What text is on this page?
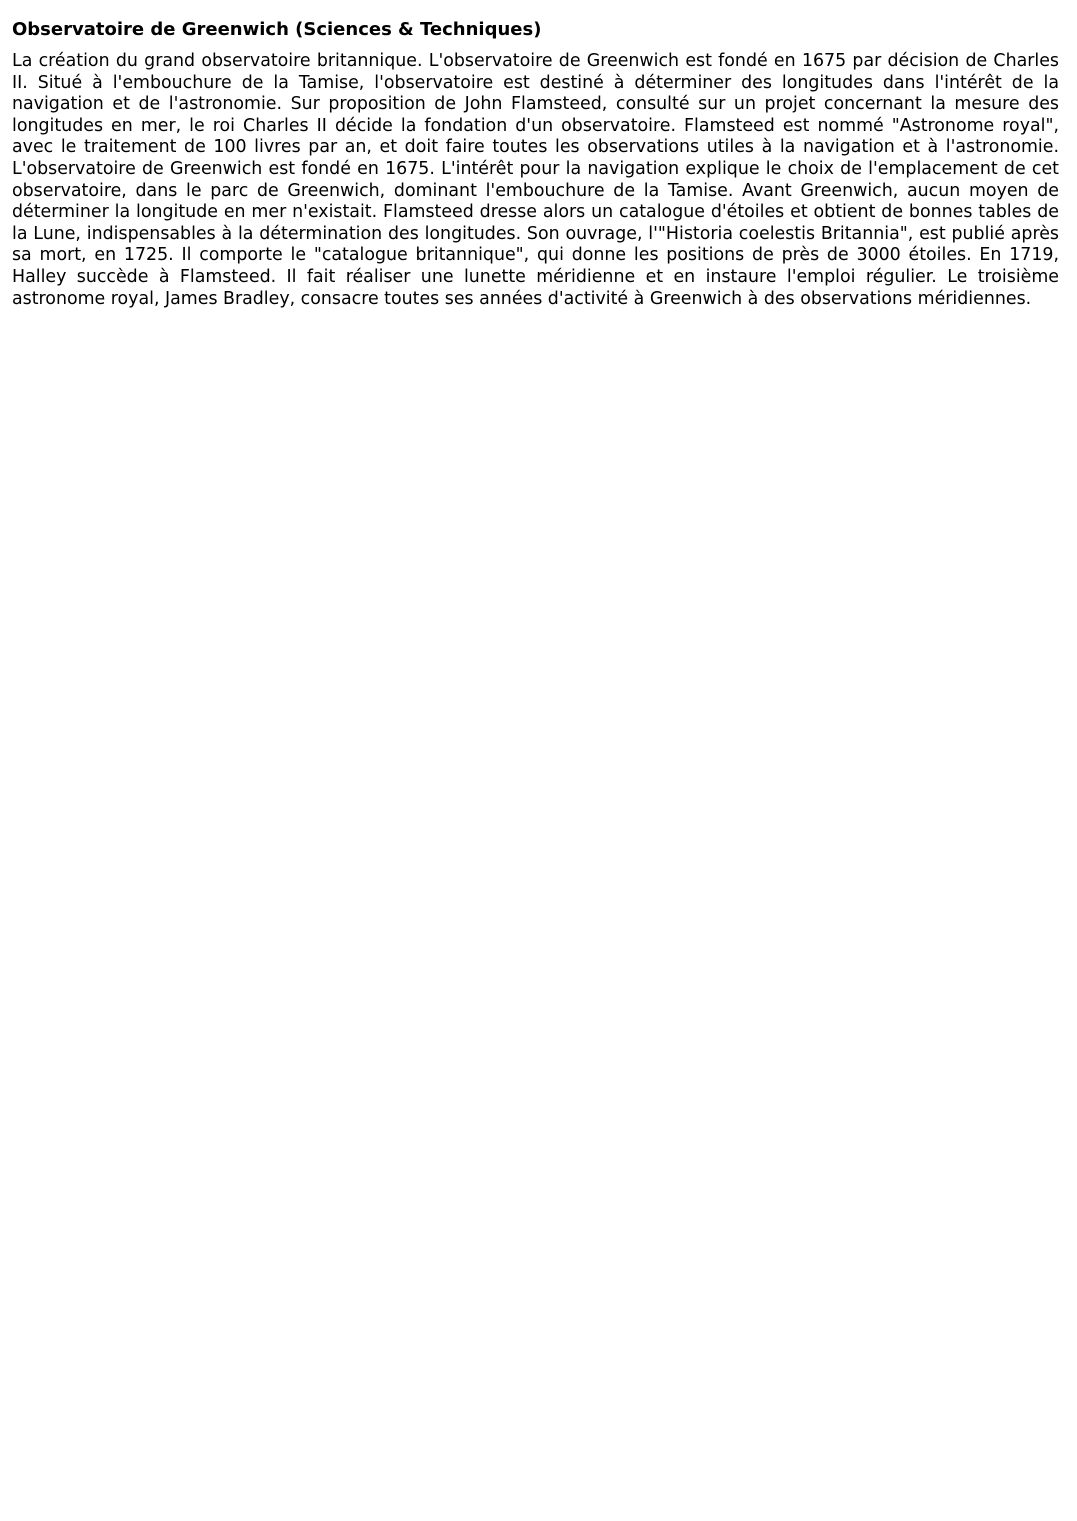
Observatoire de Greenwich (Sciences & Techniques)

La création du grand observatoire britannique. L'observatoire de Greenwich est fondé en 1675 par décision de Charles II. Situé à l'embouchure de la Tamise, l'observatoire est destiné à déterminer des longitudes dans l'intérêt de la navigation et de l'astronomie. Sur proposition de John Flamsteed, consulté sur un projet concernant la mesure des longitudes en mer, le roi Charles II décide la fondation d'un observatoire. Flamsteed est nommé "Astronome royal", avec le traitement de 100 livres par an, et doit faire toutes les observations utiles à la navigation et à l'astronomie. L'observatoire de Greenwich est fondé en 1675. L'intérêt pour la navigation explique le choix de l'emplacement de cet observatoire, dans le parc de Greenwich, dominant l'embouchure de la Tamise. Avant Greenwich, aucun moyen de déterminer la longitude en mer n'existait. Flamsteed dresse alors un catalogue d'étoiles et obtient de bonnes tables de la Lune, indispensables à la détermination des longitudes. Son ouvrage, l'"Historia coelestis Britannia", est publié après sa mort, en 1725. Il comporte le "catalogue britannique", qui donne les positions de près de 3000 étoiles. En 1719, Halley succède à Flamsteed. Il fait réaliser une lunette méridienne et en instaure l'emploi régulier. Le troisième astronome royal, James Bradley, consacre toutes ses années d'activité à Greenwich à des observations méridiennes.
